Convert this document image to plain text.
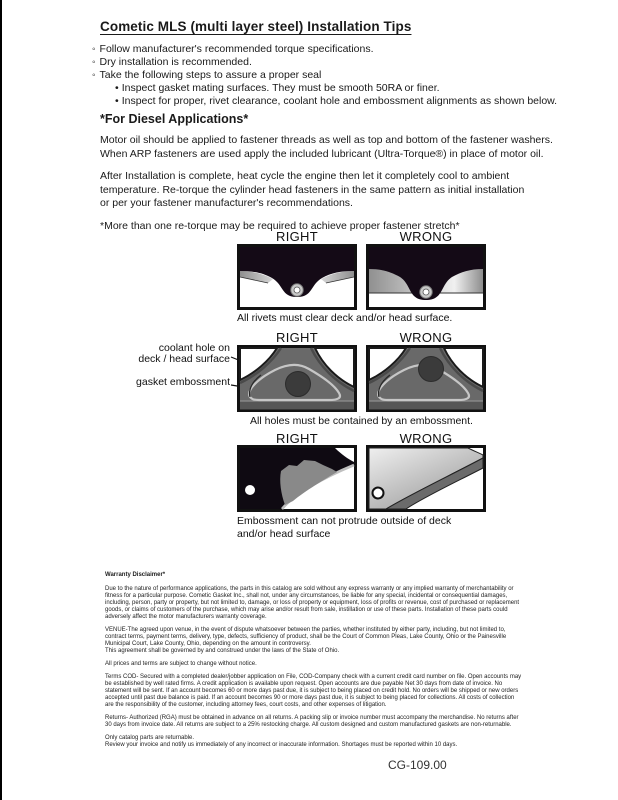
Cometic MLS (multi layer steel) Installation Tips
◦ Follow manufacturer's recommended torque specifications.
◦ Dry installation is recommended.
◦ Take the following steps to assure a proper seal
• Inspect gasket mating surfaces. They must be smooth 50RA or finer.
• Inspect for proper, rivet clearance, coolant hole and embossment alignments as shown below.
*For Diesel Applications*
Motor oil should be applied to fastener threads as well as top and bottom of the fastener washers.
When ARP fasteners are used apply the included lubricant (Ultra-Torque®) in place of motor oil.
After Installation is complete, heat cycle the engine then let it completely cool to ambient
temperature. Re-torque the cylinder head fasteners in the same pattern as initial installation
or per your fastener manufacturer's recommendations.
*More than one re-torque may be required to achieve proper fastener stretch*
RIGHT	WRONG
All rivets must clear deck and/or head surface.
coolant hole on
deck / head surface
gasket embossment
RIGHT	WRONG
All holes must be contained by an embossment.
RIGHT	WRONG
Embossment can not protrude outside of deck
and/or head surface

Warranty Disclaimer*

Due to the nature of performance applications, the parts in this catalog are sold without any express warranty or any implied warranty of merchantability or fitness for a particular purpose. Cometic Gasket Inc., shall not, under any circumstances, be liable for any special, incidental or consequential damages, including, person, party or property, but not limited to, damage, or loss of property or equipment, loss of profits or revenue, cost of purchased or replacement goods, or claims of customers of the purchase, which may arise and/or result from sale, instillation or use of these parts. Installation of these parts could adversely affect the motor manufacturers warranty coverage.

VENUE-The agreed upon venue, in the event of dispute whatsoever between the parties, whether instituted by either party, including, but not limited to, contract terms, payment terms, delivery, type, defects, sufficiency of product, shall be the Court of Common Pleas, Lake County, Ohio or the Painesville Municipal Court, Lake County, Ohio, depending on the amount in controversy.

This agreement shall be governed by and construed under the laws of the State of Ohio.

All prices and terms are subject to change without notice.

Terms COD- Secured with a completed dealer/jobber application on File, COD-Company check with a current credit card number on file. Open accounts may be established by well rated firms. A credit application is available upon request. Open accounts are due payable Net 30 days from date of invoice. No statement will be sent. If an account becomes 60 or more days past due, it is subject to being placed on credit hold. No orders will be shipped or new orders accepted until past due balance is paid. If an account becomes 90 or more days past due, it is subject to being placed for collections. All costs of collection are the responsibility of the customer, including attorney fees, court costs, and other expenses of litigation.

Returns- Authorized (RGA) must be obtained in advance on all returns. A packing slip or invoice number must accompany the merchandise. No returns after 30 days from invoice date. All returns are subject to a 25% restocking charge. All custom designed and custom manufactured gaskets are non-returnable.

Only catalog parts are returnable.

Review your invoice and notify us immediately of any incorrect or inaccurate information. Shortages must be reported within 10 days.

CG-109.00
